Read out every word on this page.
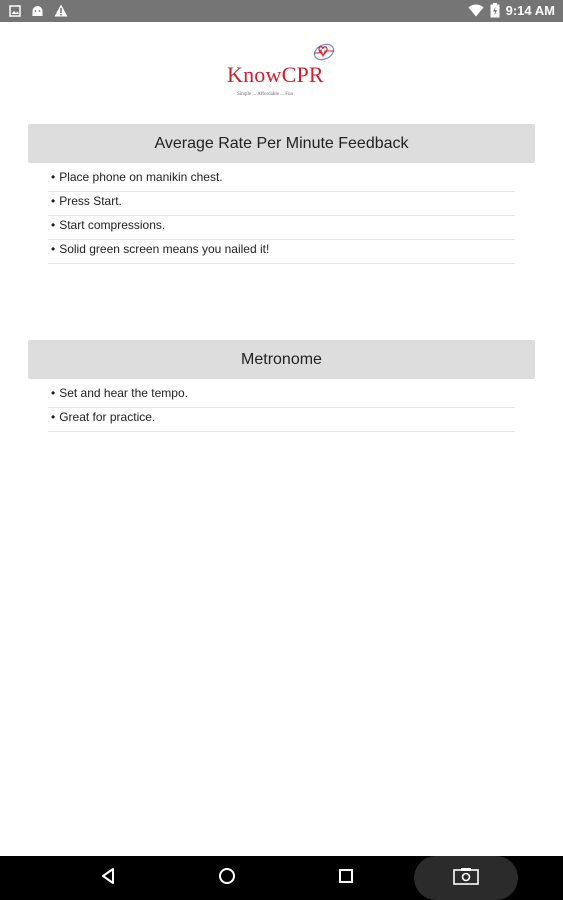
9:14 AM
KnowCPR
Simple ... Affordable ... Fun
Average Rate Per Minute Feedback
• Place phone on manikin chest.
• Press Start.
• Start compressions.
• Solid green screen means you nailed it!
Metronome
• Set and hear the tempo.
• Great for practice.
